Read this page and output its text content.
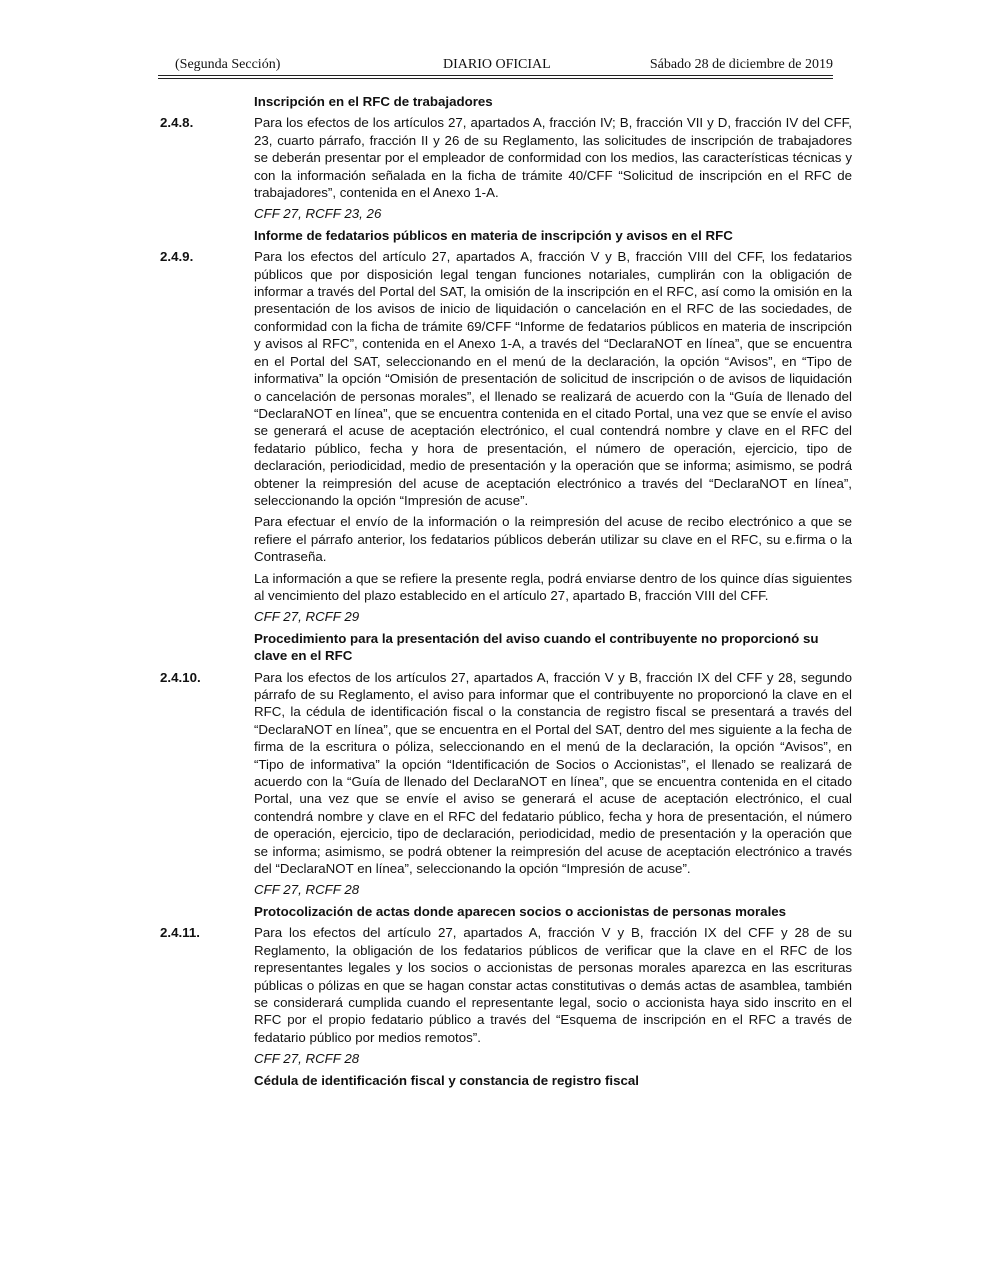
(Segunda Sección)	DIARIO OFICIAL	Sábado 28 de diciembre de 2019
Inscripción en el RFC de trabajadores
2.4.8.	Para los efectos de los artículos 27, apartados A, fracción IV; B, fracción VII y D, fracción IV del CFF, 23, cuarto párrafo, fracción II y 26 de su Reglamento, las solicitudes de inscripción de trabajadores se deberán presentar por el empleador de conformidad con los medios, las características técnicas y con la información señalada en la ficha de trámite 40/CFF “Solicitud de inscripción en el RFC de trabajadores”, contenida en el Anexo 1-A.
CFF 27, RCFF 23, 26
Informe de fedatarios públicos en materia de inscripción y avisos en el RFC
2.4.9.	Para los efectos del artículo 27, apartados A, fracción V y B, fracción VIII del CFF, los fedatarios públicos que por disposición legal tengan funciones notariales, cumplirán con la obligación de informar a través del Portal del SAT, la omisión de la inscripción en el RFC, así como la omisión en la presentación de los avisos de inicio de liquidación o cancelación en el RFC de las sociedades, de conformidad con la ficha de trámite 69/CFF “Informe de fedatarios públicos en materia de inscripción y avisos al RFC”, contenida en el Anexo 1-A, a través del “DeclaraNOT en línea”, que se encuentra en el Portal del SAT, seleccionando en el menú de la declaración, la opción “Avisos”, en “Tipo de informativa” la opción “Omisión de presentación de solicitud de inscripción o de avisos de liquidación o cancelación de personas morales”, el llenado se realizará de acuerdo con la “Guía de llenado del “DeclaraNOT en línea”, que se encuentra contenida en el citado Portal, una vez que se envíe el aviso se generará el acuse de aceptación electrónico, el cual contendrá nombre y clave en el RFC del fedatario público, fecha y hora de presentación, el número de operación, ejercicio, tipo de declaración, periodicidad, medio de presentación y la operación que se informa; asimismo, se podrá obtener la reimpresión del acuse de aceptación electrónico a través del “DeclaraNOT en línea”, seleccionando la opción “Impresión de acuse”.
Para efectuar el envío de la información o la reimpresión del acuse de recibo electrónico a que se refiere el párrafo anterior, los fedatarios públicos deberán utilizar su clave en el RFC, su e.firma o la Contraseña.
La información a que se refiere la presente regla, podrá enviarse dentro de los quince días siguientes al vencimiento del plazo establecido en el artículo 27, apartado B, fracción VIII del CFF.
CFF 27, RCFF 29
Procedimiento para la presentación del aviso cuando el contribuyente no proporcionó su clave en el RFC
2.4.10.	Para los efectos de los artículos 27, apartados A, fracción V y B, fracción IX del CFF y 28, segundo párrafo de su Reglamento, el aviso para informar que el contribuyente no proporcionó la clave en el RFC, la cédula de identificación fiscal o la constancia de registro fiscal se presentará a través del “DeclaraNOT en línea”, que se encuentra en el Portal del SAT, dentro del mes siguiente a la fecha de firma de la escritura o póliza, seleccionando en el menú de la declaración, la opción “Avisos”, en “Tipo de informativa” la opción “Identificación de Socios o Accionistas”, el llenado se realizará de acuerdo con la “Guía de llenado del DeclaraNOT en línea”, que se encuentra contenida en el citado Portal, una vez que se envíe el aviso se generará el acuse de aceptación electrónico, el cual contendrá nombre y clave en el RFC del fedatario público, fecha y hora de presentación, el número de operación, ejercicio, tipo de declaración, periodicidad, medio de presentación y la operación que se informa; asimismo, se podrá obtener la reimpresión del acuse de aceptación electrónico a través del “DeclaraNOT en línea”, seleccionando la opción “Impresión de acuse”.
CFF 27, RCFF 28
Protocolización de actas donde aparecen socios o accionistas de personas morales
2.4.11.	Para los efectos del artículo 27, apartados A, fracción V y B, fracción IX del CFF y 28 de su Reglamento, la obligación de los fedatarios públicos de verificar que la clave en el RFC de los representantes legales y los socios o accionistas de personas morales aparezca en las escrituras públicas o pólizas en que se hagan constar actas constitutivas o demás actas de asamblea, también se considerará cumplida cuando el representante legal, socio o accionista haya sido inscrito en el RFC por el propio fedatario público a través del “Esquema de inscripción en el RFC a través de fedatario público por medios remotos”.
CFF 27, RCFF 28
Cédula de identificación fiscal y constancia de registro fiscal
